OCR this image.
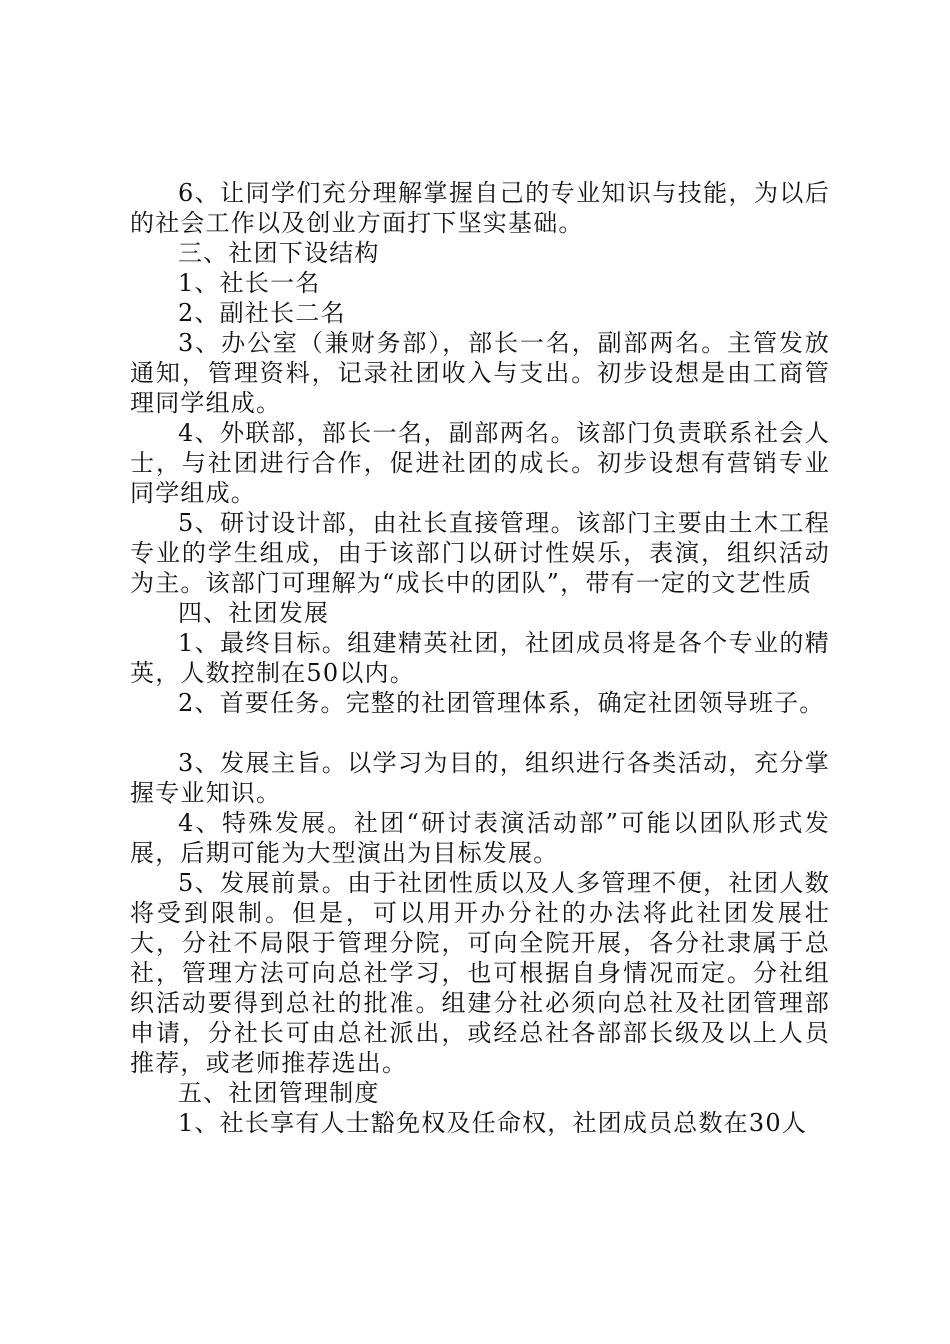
6、让同学们充分理解掌握自己的专业知识与技能，为以后的社会工作以及创业方面打下坚实基础。

三、社团下设结构

1、社长一名

2、副社长二名

3、办公室（兼财务部），部长一名，副部两名。主管发放通知，管理资料，记录社团收入与支出。初步设想是由工商管理同学组成。

4、外联部，部长一名，副部两名。该部门负责联系社会人士，与社团进行合作，促进社团的成长。初步设想有营销专业同学组成。

5、研讨设计部，由社长直接管理。该部门主要由土木工程专业的学生组成，由于该部门以研讨性娱乐，表演，组织活动为主。该部门可理解为“成长中的团队”，带有一定的文艺性质

四、社团发展

1、最终目标。组建精英社团，社团成员将是各个专业的精英，人数控制在50以内。

2、首要任务。完整的社团管理体系，确定社团领导班子。

3、发展主旨。以学习为目的，组织进行各类活动，充分掌握专业知识。

4、特殊发展。社团“研讨表演活动部”可能以团队形式发展，后期可能为大型演出为目标发展。

5、发展前景。由于社团性质以及人多管理不便，社团人数将受到限制。但是，可以用开办分社的办法将此社团发展壮大，分社不局限于管理分院，可向全院开展，各分社隶属于总社，管理方法可向总社学习，也可根据自身情况而定。分社组织活动要得到总社的批准。组建分社必须向总社及社团管理部申请，分社长可由总社派出，或经总社各部部长级及以上人员推荐，或老师推荐选出。

五、社团管理制度

1、社长享有人士豁免权及任命权，社团成员总数在30人
